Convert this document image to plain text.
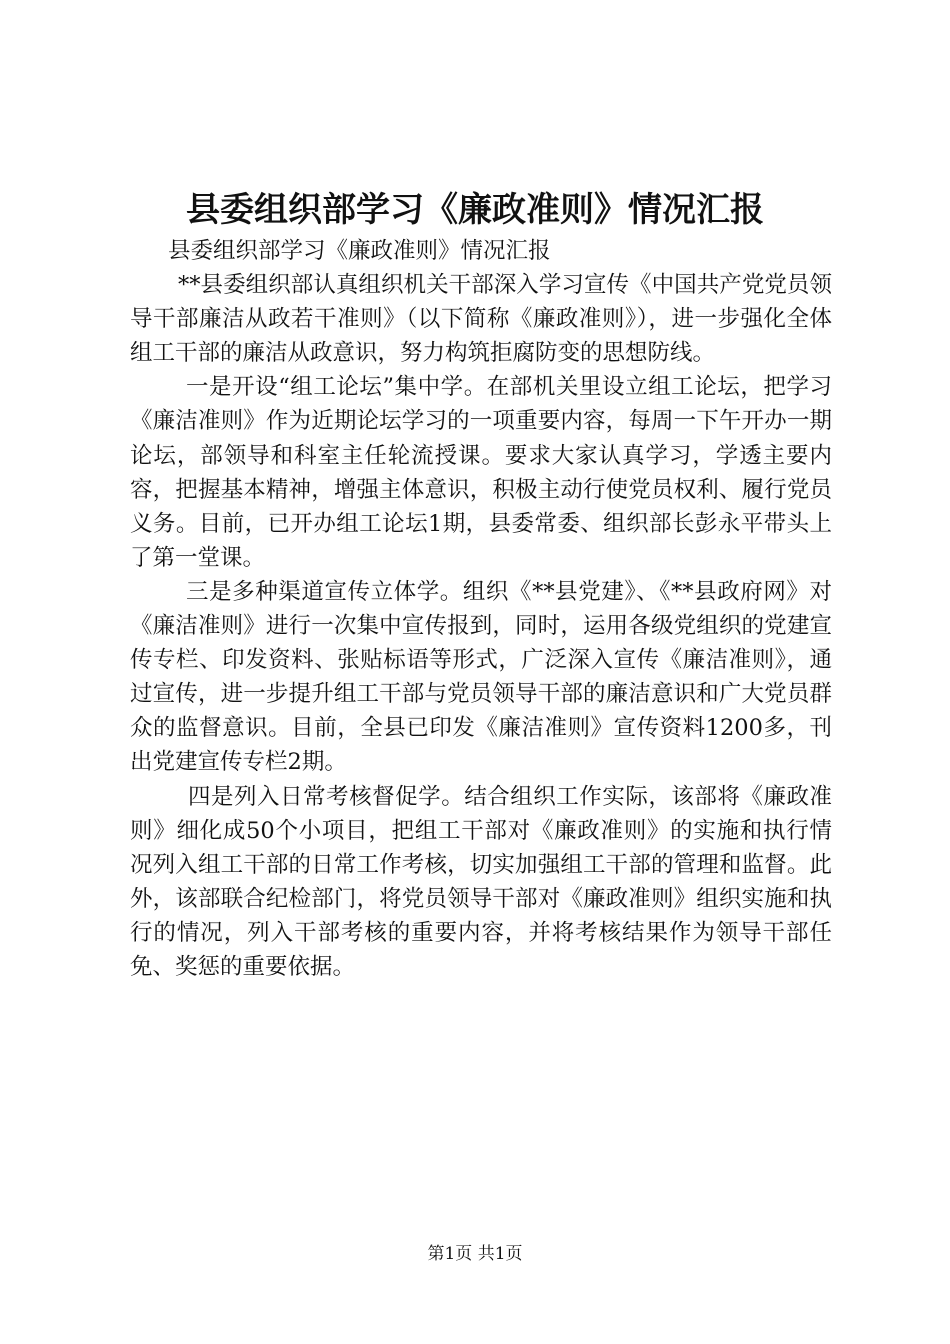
县委组织部学习《廉政准则》情况汇报

县委组织部学习《廉政准则》情况汇报

**县委组织部认真组织机关干部深入学习宣传《中国共产党党员领导干部廉洁从政若干准则》（以下简称《廉政准则》），进一步强化全体组工干部的廉洁从政意识，努力构筑拒腐防变的思想防线。

一是开设“组工论坛”集中学。在部机关里设立组工论坛，把学习《廉洁准则》作为近期论坛学习的一项重要内容，每周一下午开办一期论坛，部领导和科室主任轮流授课。要求大家认真学习，学透主要内容，把握基本精神，增强主体意识，积极主动行使党员权利、履行党员义务。目前，已开办组工论坛1期，县委常委、组织部长彭永平带头上了第一堂课。

三是多种渠道宣传立体学。组织《**县党建》、《**县政府网》对《廉洁准则》进行一次集中宣传报到，同时，运用各级党组织的党建宣传专栏、印发资料、张贴标语等形式，广泛深入宣传《廉洁准则》，通过宣传，进一步提升组工干部与党员领导干部的廉洁意识和广大党员群众的监督意识。目前，全县已印发《廉洁准则》宣传资料1200多，刊出党建宣传专栏2期。

四是列入日常考核督促学。结合组织工作实际，该部将《廉政准则》细化成50个小项目，把组工干部对《廉政准则》的实施和执行情况列入组工干部的日常工作考核，切实加强组工干部的管理和监督。此外，该部联合纪检部门，将党员领导干部对《廉政准则》组织实施和执行的情况，列入干部考核的重要内容，并将考核结果作为领导干部任免、奖惩的重要依据。

第1页 共1页
